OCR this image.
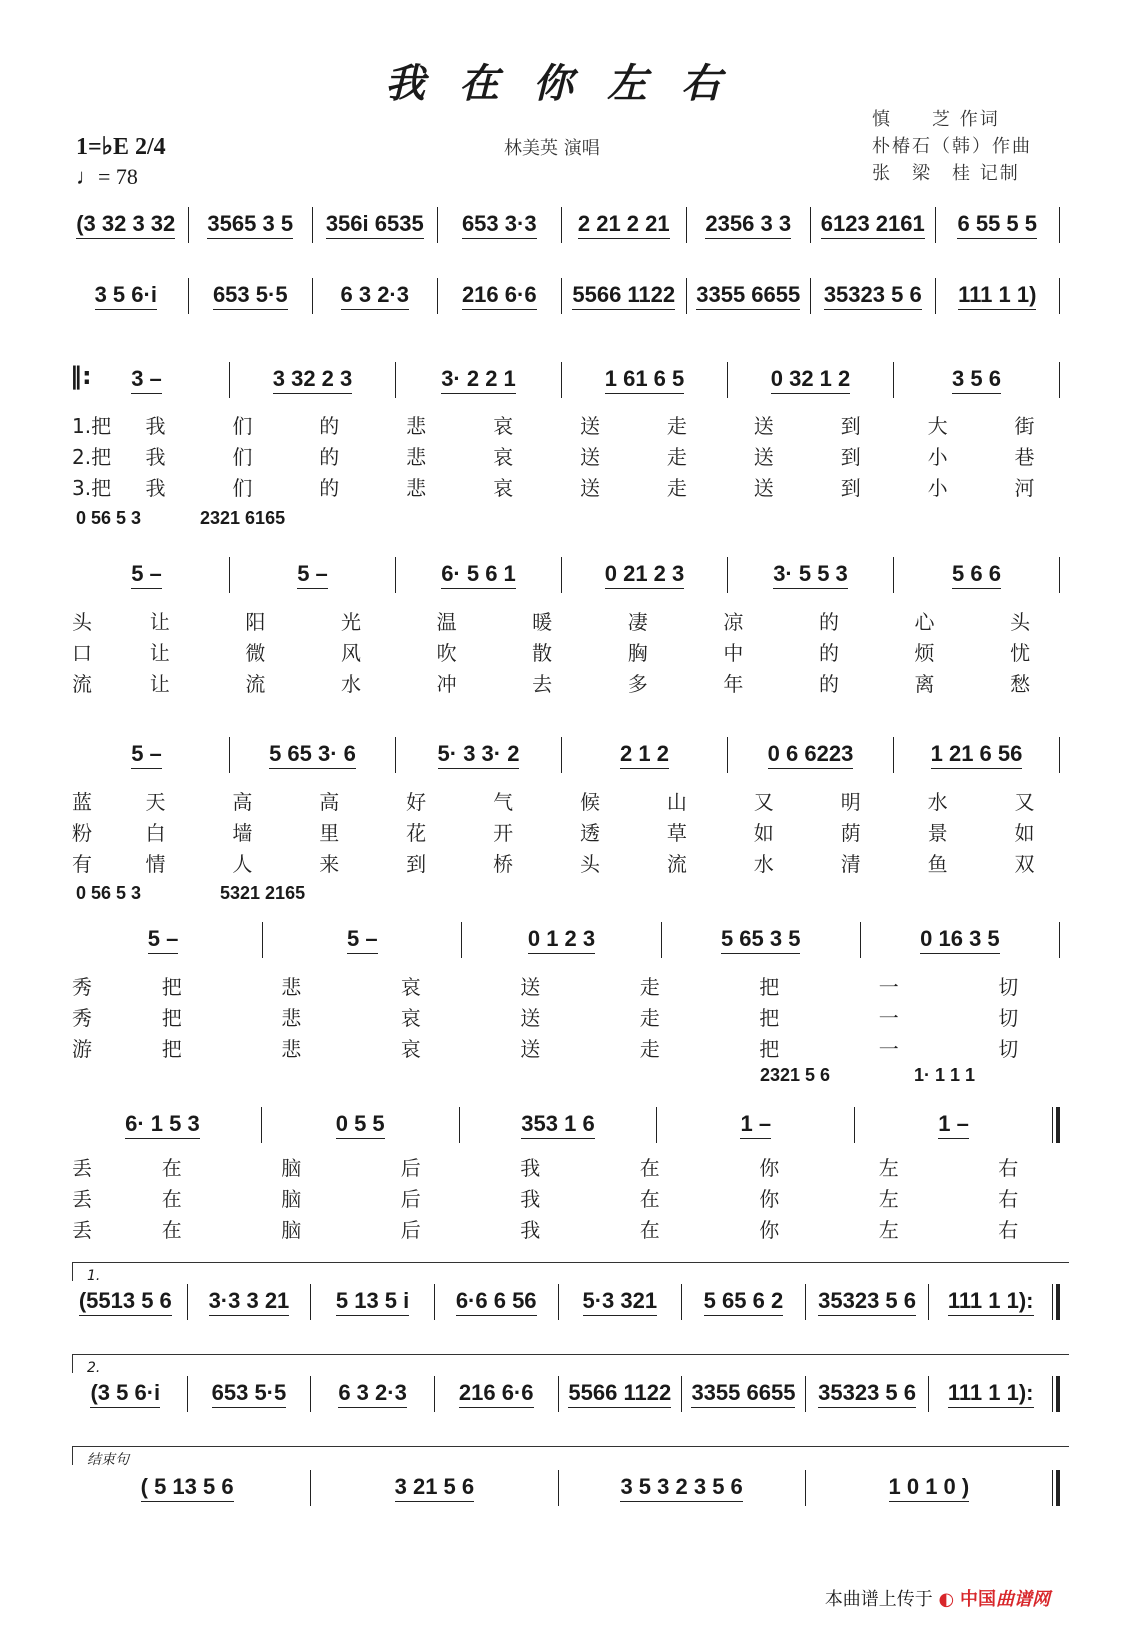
我在你左右
1=♭E 2/4
♩= 78
林美英 演唱
慎　　芝 作词
朴椿石（韩）作曲
张　梁　桂 记制
(3 32 3 32 3565 3 5 356i 6535 653 3·3 2 21 2 21 2356 3 3 6123 2161 6 55 5 5
3 5 6·i	653 5·5 6 3 2·3 216 6·6 5566 1122 3355 6655 35323 5 6 111 1 1)
3 –	3 32 2 3	3· 2 2 1	1 61 6 5	0 32 1 2	3 5 6
5 –	5 –	6· 5 6 1	0 21 2 3	3· 5 5 3	5 6 6
5 –	5 65 3· 6	5· 3 3· 2	2 1 2	0 6 6223	1 21 6 56
5 –	5 –	0 1 2 3	5 65 3 5	0 16 3 5
6· 1 5 3	0 5 5	353 1 6	1 –	1 –
(5513 5 6 3·3 3 21 5 13 5 i 6·6 6 56 5·3 321 5 65 6 2 35323 5 6 111 1 1):
(3 5 6·i 653 5·5 6 3 2·3 216 6·6 5566 1122 3355 6655 35323 5 6 111 1 1):
( 5 13 5 6	3 21 5 6	3 5 3 2 3 5 6	1 0 1 0 )
1.把	我	们	的	悲	哀	送	走	送	到	大	街
2.把	我	们	的	悲	哀	送	走	送	到	小	巷
3.把	我	们	的	悲	哀	送	走	送	到	小	河
头	让	阳	光	温	暖	凄	凉	的	心	头
口	让	微	风	吹	散	胸	中	的	烦	忧
流	让	流	水	冲	去	多	年	的	离	愁
蓝	天	高	高	好	气	候	山	又	明	水	又
粉	白	墙	里	花	开	透	草	如	荫	景	如
有	情	人	来	到	桥	头	流	水	清	鱼	双
秀	把	悲	哀	送	走	把	一	切
秀	把	悲	哀	送	走	把	一	切
游	把	悲	哀	送	走	把	一	切
丢	在	脑	后	我	在	你	左	右
丢	在	脑	后	我	在	你	左	右
丢	在	脑	后	我	在	你	左	右
0 56 5 3	2321 6165
0 56 5 3	5321 2165
2321 5 6	1· 1 1 1
1.
2.
结束句
‖:
本曲谱上传于 ◐ 中国曲谱网
